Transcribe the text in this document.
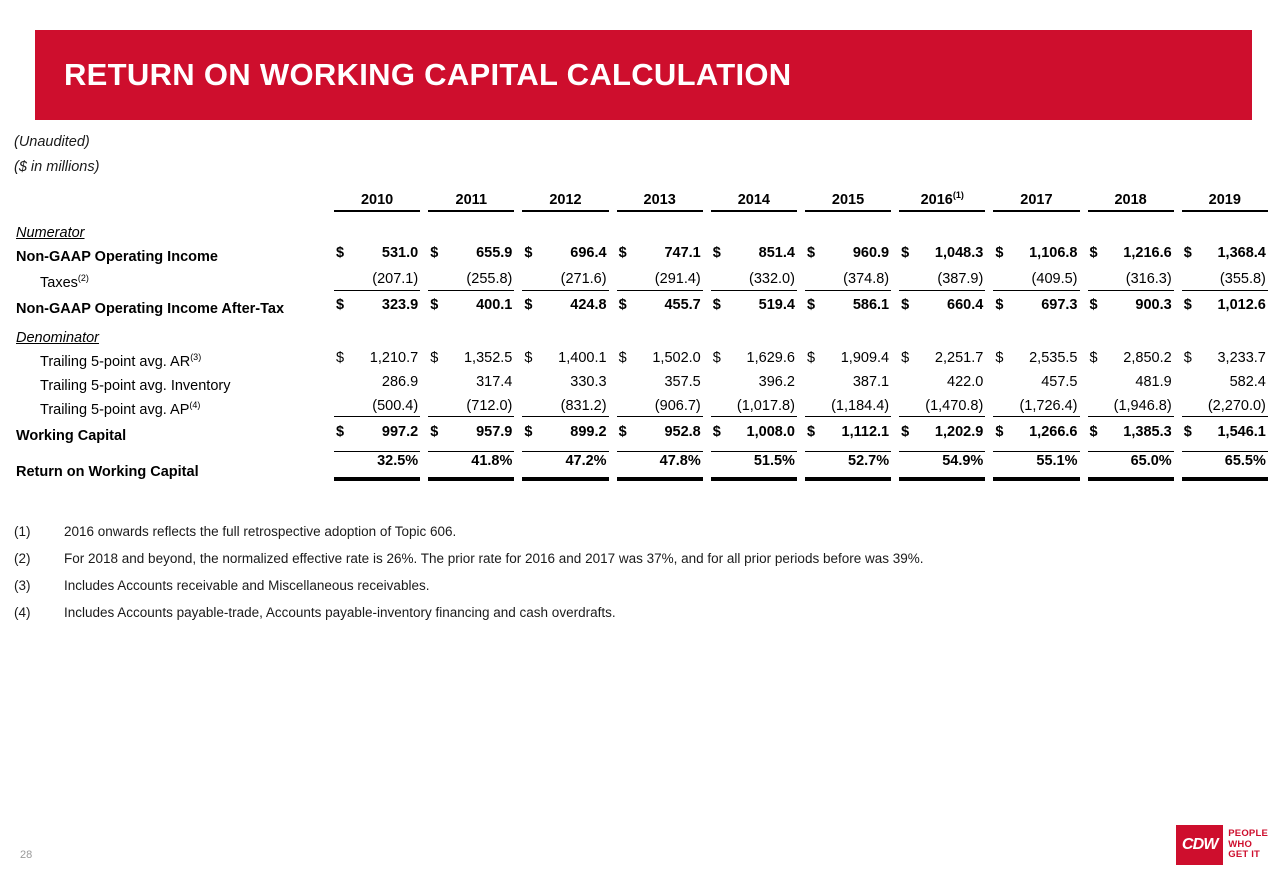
RETURN ON WORKING CAPITAL CALCULATION
(Unaudited)
($ in millions)
	2010	2011	2012	2013	2014	2015	2016$^{(1)}$	2017	2018	2019

Numerator										
Non-GAAP Operating Income	$ 531.0	$ 655.9	$ 696.4	$ 747.1	$ 851.4	$ 960.9	$ 1,048.3	$ 1,106.8	$ 1,216.6	$ 1,368.4

Taxes$^{(2)}$	(207.1)	(255.8)	(271.6)	(291.4)	(332.0)	(374.8)	(387.9)	(409.5)	(316.3)	(355.8)

Non-GAAP Operating Income After-Tax	$ 323.9	$ 400.1	$ 424.8	$ 455.7	$ 519.4	$ 586.1	$ 660.4	$ 697.3	$ 900.3	$ 1,012.6

Denominator										
Trailing 5-point avg. AR$^{(3)}$	$ 1,210.7	$ 1,352.5	$ 1,400.1	$ 1,502.0	$ 1,629.6	$ 1,909.4	$ 2,251.7	$ 2,535.5	$ 2,850.2	$ 3,233.7

Trailing 5-point avg. Inventory	286.9	317.4	330.3	357.5	396.2	387.1	422.0	457.5	481.9	582.4

Trailing 5-point avg. AP$^{(4)}$	(500.4)	(712.0)	(831.2)	(906.7)	(1,017.8)	(1,184.4)	(1,470.8)	(1,726.4)	(1,946.8)	(2,270.0)

Working Capital	$ 997.2	$ 957.9	$ 899.2	$ 952.8	$ 1,008.0	$ 1,112.1	$ 1,202.9	$ 1,266.6	$ 1,385.3	$ 1,546.1

Return on Working Capital	32.5%	41.8%	47.2%	47.8%	51.5%	52.7%	54.9%	55.1%	65.0%	65.5%
(1)	2016 onwards reflects the full retrospective adoption of Topic 606.
(2)	For 2018 and beyond, the normalized effective rate is 26%. The prior rate for 2016 and 2017 was 37%, and for all prior periods before was 39%.
(3)	Includes Accounts receivable and Miscellaneous receivables.
(4)	Includes Accounts payable-trade, Accounts payable-inventory financing and cash overdrafts.
28
CDW
PEOPLE
WHO
GET IT
